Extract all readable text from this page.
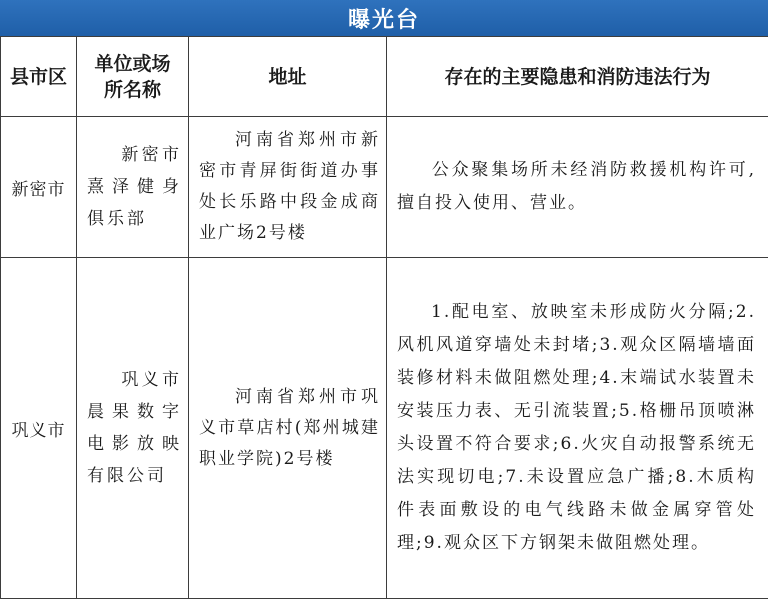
曝光台
县市区	单位或场所名称	地址	存在的主要隐患和消防违法行为
新密市	新密市熹泽健身俱乐部	河南省郑州市新密市青屏街街道办事处长乐路中段金成商业广场2号楼	公众聚集场所未经消防救援机构许可,擅自投入使用、营业。
巩义市	巩义市晨果数字电影放映有限公司	河南省郑州市巩义市草店村(郑州城建职业学院)2号楼	1.配电室、放映室未形成防火分隔;2.风机风道穿墙处未封堵;3.观众区隔墙墙面装修材料未做阻燃处理;4.末端试水装置未安装压力表、无引流装置;5.格栅吊顶喷淋头设置不符合要求;6.火灾自动报警系统无法实现切电;7.未设置应急广播;8.木质构件表面敷设的电气线路未做金属穿管处理;9.观众区下方钢架未做阻燃处理。
